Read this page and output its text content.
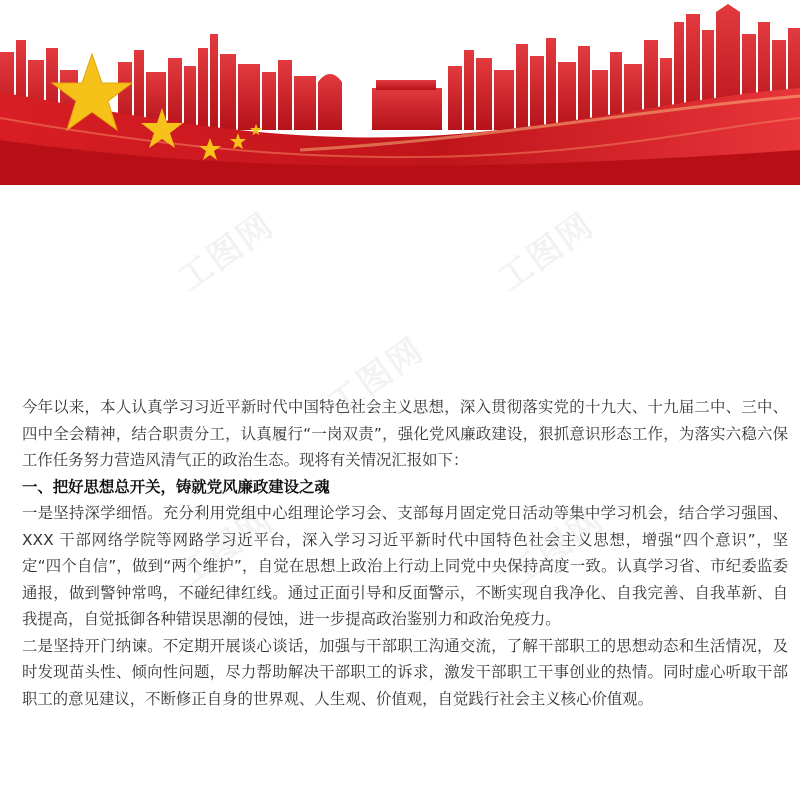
工图网	工图网
工图网
工图网	工图网

今年以来，本人认真学习习近平新时代中国特色社会主义思想，深入贯彻落实党的十九大、十九届二中、三中、四中全会精神，结合职责分工，认真履行“一岗双责”，强化党风廉政建设，狠抓意识形态工作，为落实六稳六保工作任务努力营造风清气正的政治生态。现将有关情况汇报如下：

一、把好思想总开关，铸就党风廉政建设之魂

一是坚持深学细悟。充分利用党组中心组理论学习会、支部每月固定党日活动等集中学习机会，结合学习强国、XXX 干部网络学院等网路学习近平台，深入学习习近平新时代中国特色社会主义思想，增强“四个意识”，坚定“四个自信”，做到“两个维护”，自觉在思想上政治上行动上同党中央保持高度一致。认真学习省、市纪委监委通报，做到警钟常鸣，不碰纪律红线。通过正面引导和反面警示，不断实现自我净化、自我完善、自我革新、自我提高，自觉抵御各种错误思潮的侵蚀，进一步提高政治鉴别力和政治免疫力。

二是坚持开门纳谏。不定期开展谈心谈话，加强与干部职工沟通交流，了解干部职工的思想动态和生活情况，及时发现苗头性、倾向性问题，尽力帮助解决干部职工的诉求，激发干部职工干事创业的热情。同时虚心听取干部职工的意见建议，不断修正自身的世界观、人生观、价值观，自觉践行社会主义核心价值观。
